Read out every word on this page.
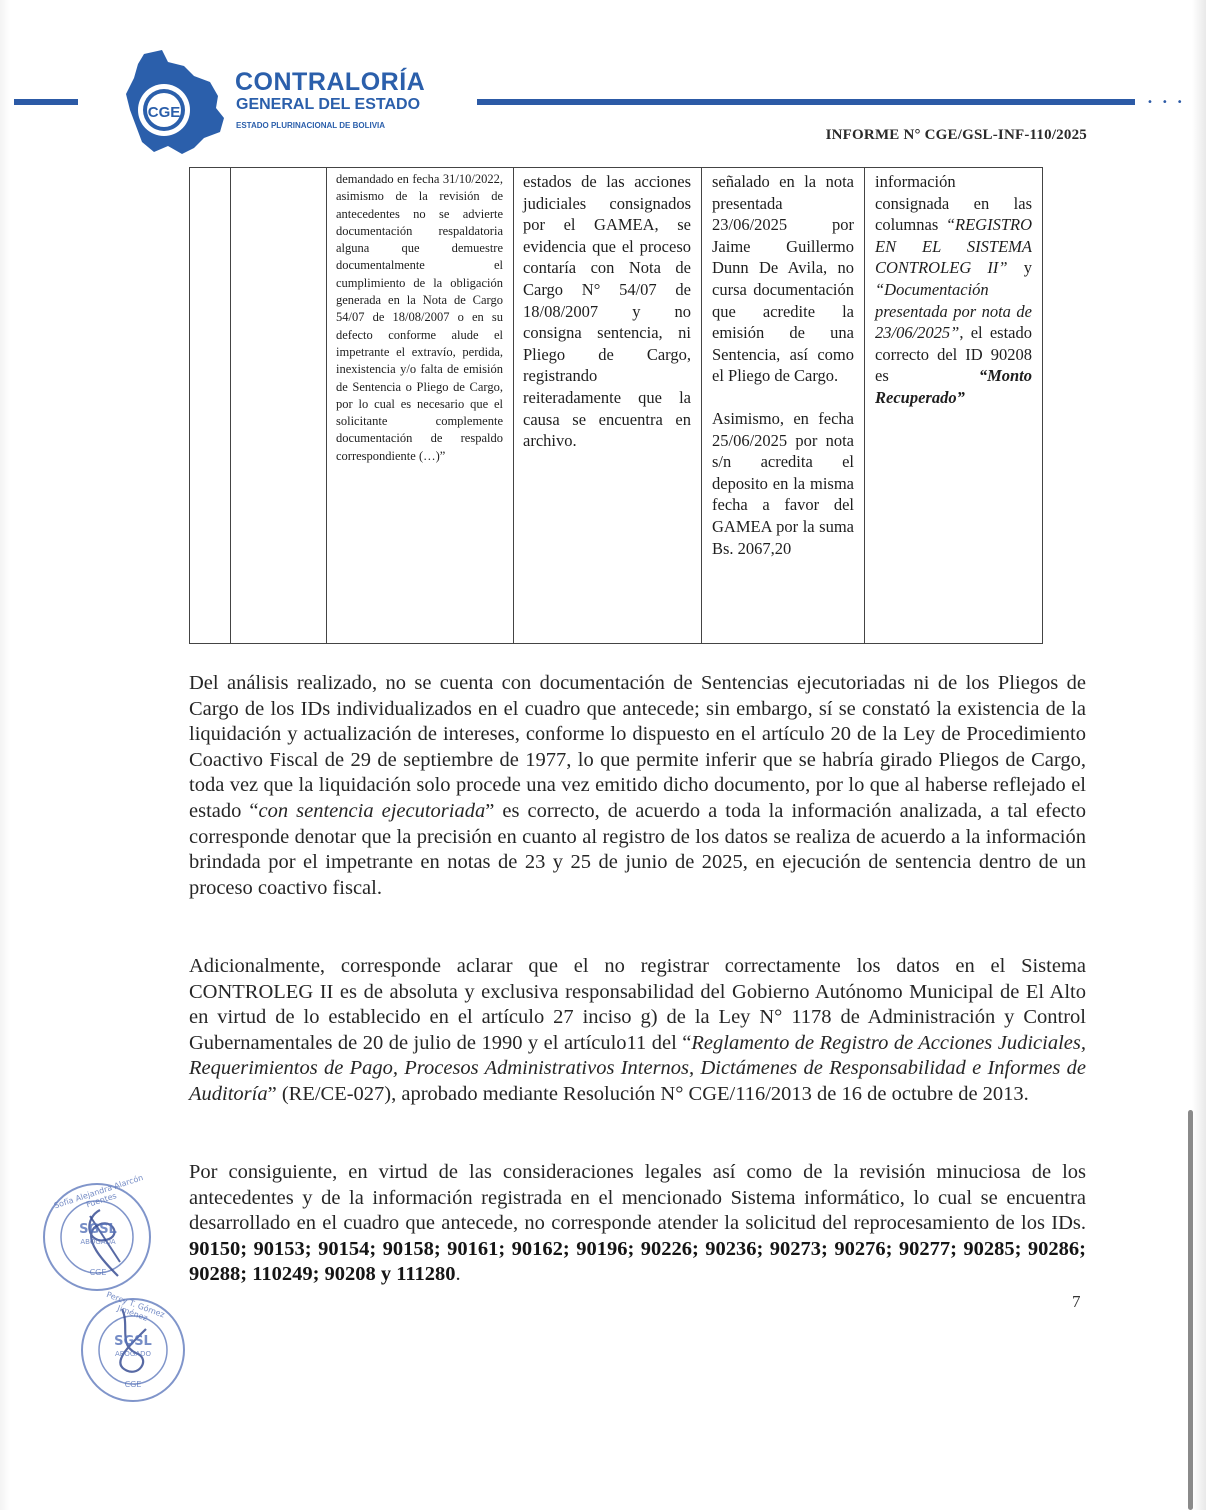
•••
CGE
CONTRALORÍA
GENERAL DEL ESTADO
ESTADO PLURINACIONAL DE BOLIVIA
INFORME N° CGE/GSL-INF-110/2025
demandado en fecha 31/10/2022, asimismo de la revisión de antecedentes no se advierte documentación respaldatoria alguna que demuestre documentalmente el cumplimiento de la obligación generada en la Nota de Cargo 54/07 de 18/08/2007 o en su defecto conforme alude el impetrante el extravío, perdida, inexistencia y/o falta de emisión de Sentencia o Pliego de Cargo, por lo cual es necesario que el solicitante complemente documentación de respaldo correspondiente (…)”
estados de las acciones judiciales consignados por el GAMEA, se evidencia que el proceso contaría con Nota de Cargo N° 54/07 de 18/08/2007 y no consigna sentencia, ni Pliego de Cargo, registrando reiteradamente que la causa se encuentra en archivo.
señalado en la nota presentada 23/06/2025 por Jaime Guillermo Dunn De Avila, no cursa documentación que acredite la emisión de una Sentencia, así como el Pliego de Cargo.
Asimismo, en fecha 25/06/2025 por nota s/n acredita el deposito en la misma fecha a favor del GAMEA por la suma Bs. 2067,20
información consignada en las columnas “REGISTRO EN EL SISTEMA CONTROLEG II” y “Documentación presentada por nota de 23/06/2025”, el estado correcto del ID 90208 es “Monto Recuperado”
Del análisis realizado, no se cuenta con documentación de Sentencias ejecutoriadas ni de los Pliegos de Cargo de los IDs individualizados en el cuadro que antecede; sin embargo, sí se constató la existencia de la liquidación y actualización de intereses, conforme lo dispuesto en el artículo 20 de la Ley de Procedimiento Coactivo Fiscal de 29 de septiembre de 1977, lo que permite inferir que se habría girado Pliegos de Cargo, toda vez que la liquidación solo procede una vez emitido dicho documento, por lo que al haberse reflejado el estado “con sentencia ejecutoriada” es correcto, de acuerdo a toda la información analizada, a tal efecto corresponde denotar que la precisión en cuanto al registro de los datos se realiza de acuerdo a la información brindada por el impetrante en notas de 23 y 25 de junio de 2025, en ejecución de sentencia dentro de un proceso coactivo fiscal.
Adicionalmente, corresponde aclarar que el no registrar correctamente los datos en el Sistema CONTROLEG II es de absoluta y exclusiva responsabilidad del Gobierno Autónomo Municipal de El Alto en virtud de lo establecido en el artículo 27 inciso g) de la Ley N° 1178 de Administración y Control Gubernamentales de 20 de julio de 1990 y el artículo11 del “Reglamento de Registro de Acciones Judiciales, Requerimientos de Pago, Procesos Administrativos Internos, Dictámenes de Responsabilidad e Informes de Auditoría” (RE/CE-027), aprobado mediante Resolución N° CGE/116/2013 de 16 de octubre de 2013.
Por consiguiente, en virtud de las consideraciones legales así como de la revisión minuciosa de los antecedentes y de la información registrada en el mencionado Sistema informático, lo cual se encuentra desarrollado en el cuadro que antecede, no corresponde atender la solicitud del reprocesamiento de los IDs. 90150; 90153; 90154; 90158; 90161; 90162; 90196; 90226; 90236; 90273; 90276; 90277; 90285; 90286; 90288; 110249; 90208 y 111280.
7
Sofía Alejandra Alarcón Fuentes
SGSL
ABOGADA
CGE
Percy T. Gómez Jiménez
SGSL
ABOGADO
CGE
